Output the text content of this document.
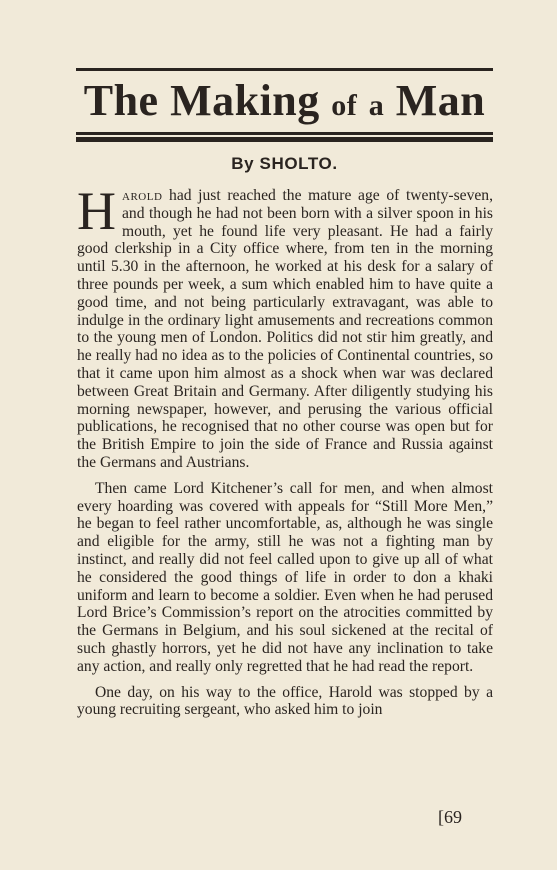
The Making of a Man
By SHOLTO.

Harold had just reached the mature age of twenty-seven, and though he had not been born with a silver spoon in his mouth, yet he found life very pleasant. He had a fairly good clerkship in a City office where, from ten in the morning until 5.30 in the afternoon, he worked at his desk for a salary of three pounds per week, a sum which enabled him to have quite a good time, and not being particularly extravagant, was able to indulge in the ordinary light amusements and recreations common to the young men of London. Politics did not stir him greatly, and he really had no idea as to the policies of Continental countries, so that it came upon him almost as a shock when war was declared between Great Britain and Germany. After diligently studying his morning newspaper, however, and perusing the various official publications, he recognised that no other course was open but for the British Empire to join the side of France and Russia against the Germans and Austrians.

Then came Lord Kitchener’s call for men, and when almost every hoarding was covered with appeals for “Still More Men,” he began to feel rather uncomfortable, as, although he was single and eligible for the army, still he was not a fighting man by instinct, and really did not feel called upon to give up all of what he considered the good things of life in order to don a khaki uniform and learn to become a soldier. Even when he had perused Lord Brice’s Commission’s report on the atrocities committed by the Germans in Belgium, and his soul sickened at the recital of such ghastly horrors, yet he did not have any inclination to take any action, and really only regretted that he had read the report.

One day, on his way to the office, Harold was stopped by a young recruiting sergeant, who asked him to join

[69
